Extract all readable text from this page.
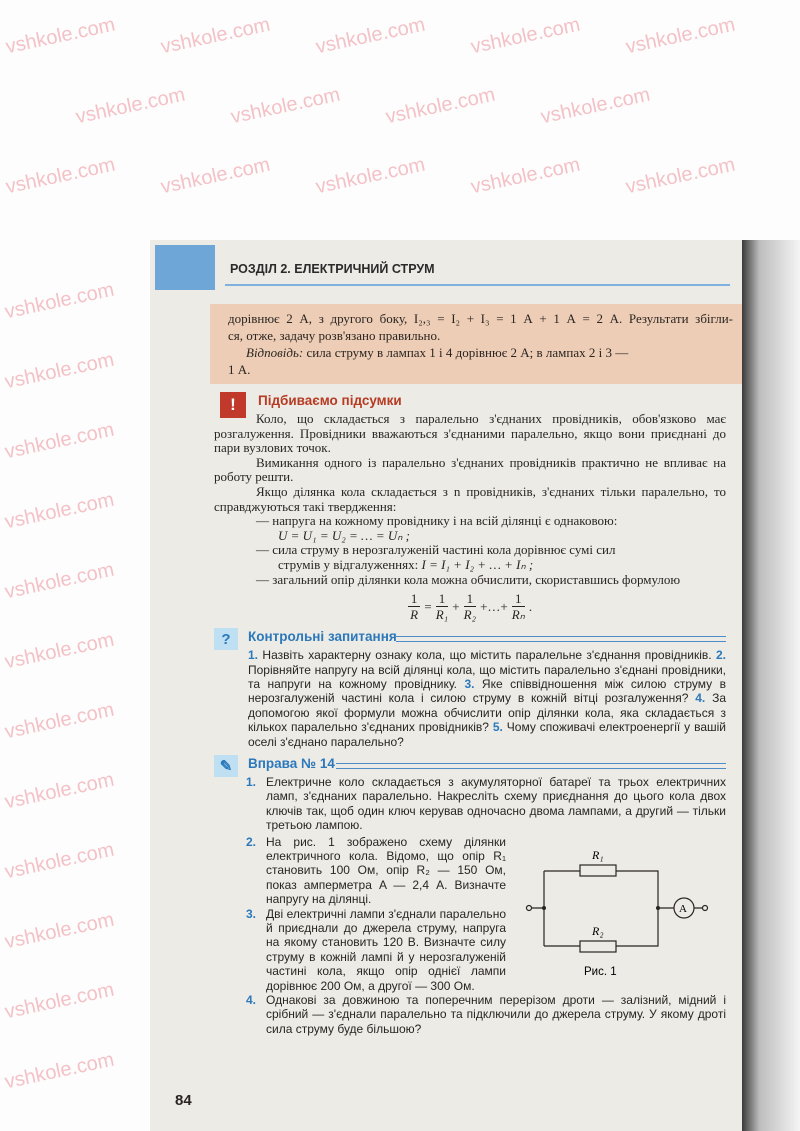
vshkole.com vshkole.com vshkole.com vshkole.com vshkole.com
vshkole.com vshkole.com vshkole.com vshkole.com
vshkole.com vshkole.com vshkole.com vshkole.com vshkole.com
vshkole.com
vshkole.com
vshkole.com
vshkole.com
vshkole.com
vshkole.com
vshkole.com
vshkole.com
vshkole.com
vshkole.com
vshkole.com
vshkole.com
РОЗДІЛ 2. ЕЛЕКТРИЧНИЙ СТРУМ
дорівнює 2 А, з другого боку, I₂,₃ = I₂ + I₃ = 1 А + 1 А = 2 А. Результати збігли-
ся, отже, задачу розв'язано правильно.
Відповідь: сила струму в лампах 1 і 4 дорівнює 2 А; в лампах 2 і 3 —
1 А.
!	Підбиваємо підсумки
Коло, що складається з паралельно з'єднаних провідників, обов'язково має розгалуження. Провідники вважаються з'єднаними паралельно, якщо вони приєднані до пари вузлових точок.
Вимикання одного із паралельно з'єднаних провідників практично не впливає на роботу решти.
Якщо ділянка кола складається з n провідників, з'єднаних тільки паралельно, то справджуються такі твердження:
— напруга на кожному провіднику і на всій ділянці є однаковою:
U = U₁ = U₂ = … = Uₙ ;
— сила струму в нерозгалуженій частині кола дорівнює сумі сил
струмів у відгалуженнях: I = I₁ + I₂ + … + Iₙ ;
— загальний опір ділянки кола можна обчислити, скориставшись формулою
$\frac{1}{R} = \frac{1}{\text{R₁}} + \frac{1}{\text{R₂}}$ +…+ $\frac{1}{\text{Rₙ}}$ .
?	Контрольні запитання
1. Назвіть характерну ознаку кола, що містить паралельне з'єднання провідників. 2. Порівняйте напругу на всій ділянці кола, що містить паралельно з'єднані провідники, та напруги на кожному провіднику. 3. Яке співвідношення між силою струму в нерозгалуженій частині кола і силою струму в кожній вітці розгалуження? 4. За допомогою якої формули можна обчислити опір ділянки кола, яка складається з кількох паралельно з'єднаних провідників? 5. Чому споживачі електроенергії у вашій оселі з'єднано паралельно?
✎	Вправа № 14
1. Електричне коло складається з акумуляторної батареї та трьох електричних ламп, з'єднаних паралельно. Накресліть схему приєднання до цього кола двох ключів так, щоб один ключ керував одночасно двома лампами, а другий — тільки третьою лампою.
2. На рис. 1 зображено схему ділянки електричного кола. Відомо, що опір R₁ становить 100 Ом, опір R₂ — 150 Ом, показ амперметра A — 2,4 А. Визначте напругу на ділянці.
3. Дві електричні лампи з'єднали паралельно й приєднали до джерела струму, напруга на якому становить 120 В. Визначте силу струму в кожній лампі й у нерозгалуженій частині кола, якщо опір однієї лампи дорівнює 200 Ом, а другої — 300 Ом.
R₁
R₂
A
Рис. 1
4. Однакові за довжиною та поперечним перерізом дроти — залізний, мідний і срібний — з'єднали паралельно та підключили до джерела струму. У якому дроті сила струму буде більшою?
84
